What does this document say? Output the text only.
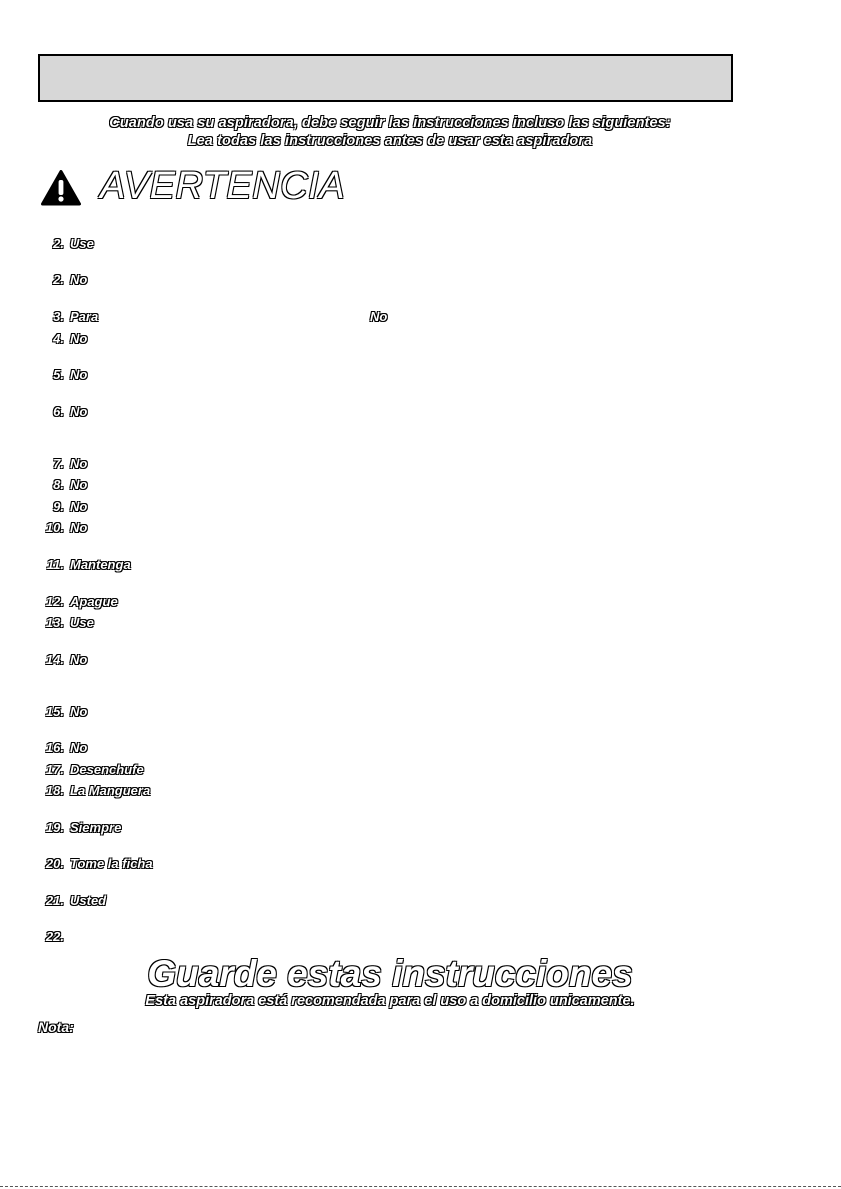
Cuando usa su aspiradora, debe seguir las instrucciones incluso las siguientes:
Lea todas las instrucciones antes de usar esta aspiradora
AVERTENCIA
2. Use
2. No
3. Para	No
4. No
5. No
6. No
7. No
8. No
9. No
10. No
11. Mantenga
12. Apague
13. Use
14. No
15. No
16. No
17. Desenchufe
18. La Manguera
19. Siempre
20. Tome la ficha
21. Usted
22.
Guarde estas instrucciones
Esta aspiradora está recomendada para el uso a domicilio unicamente.
Nota:
